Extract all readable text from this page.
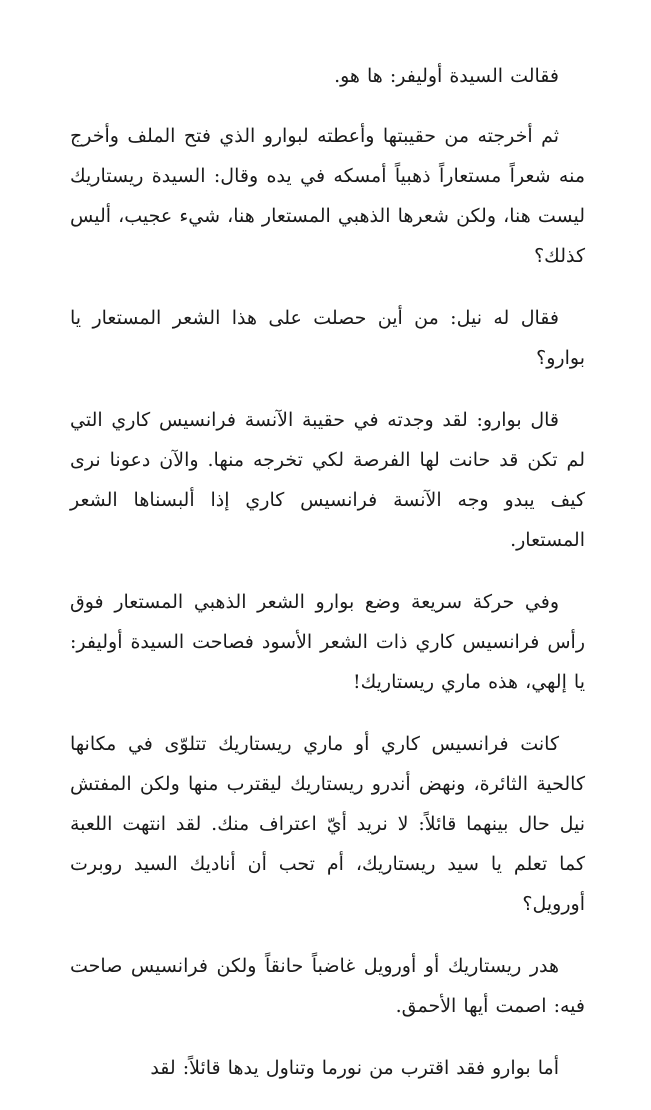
فقالت السيدة أوليفر: ها هو.

ثم أخرجته من حقيبتها وأعطته لبوارو الذي فتح الملف وأخرج منه شعراً مستعاراً ذهبياً أمسكه في يده وقال: السيدة ريستاريك ليست هنا، ولكن شعرها الذهبي المستعار هنا، شيء عجيب، أليس كذلك؟

فقال له نيل: من أين حصلت على هذا الشعر المستعار يا بوارو؟

قال بوارو: لقد وجدته في حقيبة الآنسة فرانسيس كاري التي لم تكن قد حانت لها الفرصة لكي تخرجه منها. والآن دعونا نرى كيف يبدو وجه الآنسة فرانسيس كاري إذا ألبسناها الشعر المستعار.

وفي حركة سريعة وضع بوارو الشعر الذهبي المستعار فوق رأس فرانسيس كاري ذات الشعر الأسود فصاحت السيدة أوليفر: يا إلهي، هذه ماري ريستاريك!

كانت فرانسيس كاري أو ماري ريستاريك تتلوّى في مكانها كالحية الثائرة، ونهض أندرو ريستاريك ليقترب منها ولكن المفتش نيل حال بينهما قائلاً: لا نريد أيّ اعتراف منك. لقد انتهت اللعبة كما تعلم يا سيد ريستاريك، أم تحب أن أناديك السيد روبرت أورويل؟

هدر ريستاريك أو أورويل غاضباً حانقاً ولكن فرانسيس صاحت فيه: اصمت أيها الأحمق.

أما بوارو فقد اقترب من نورما وتناول يدها قائلاً: لقد
